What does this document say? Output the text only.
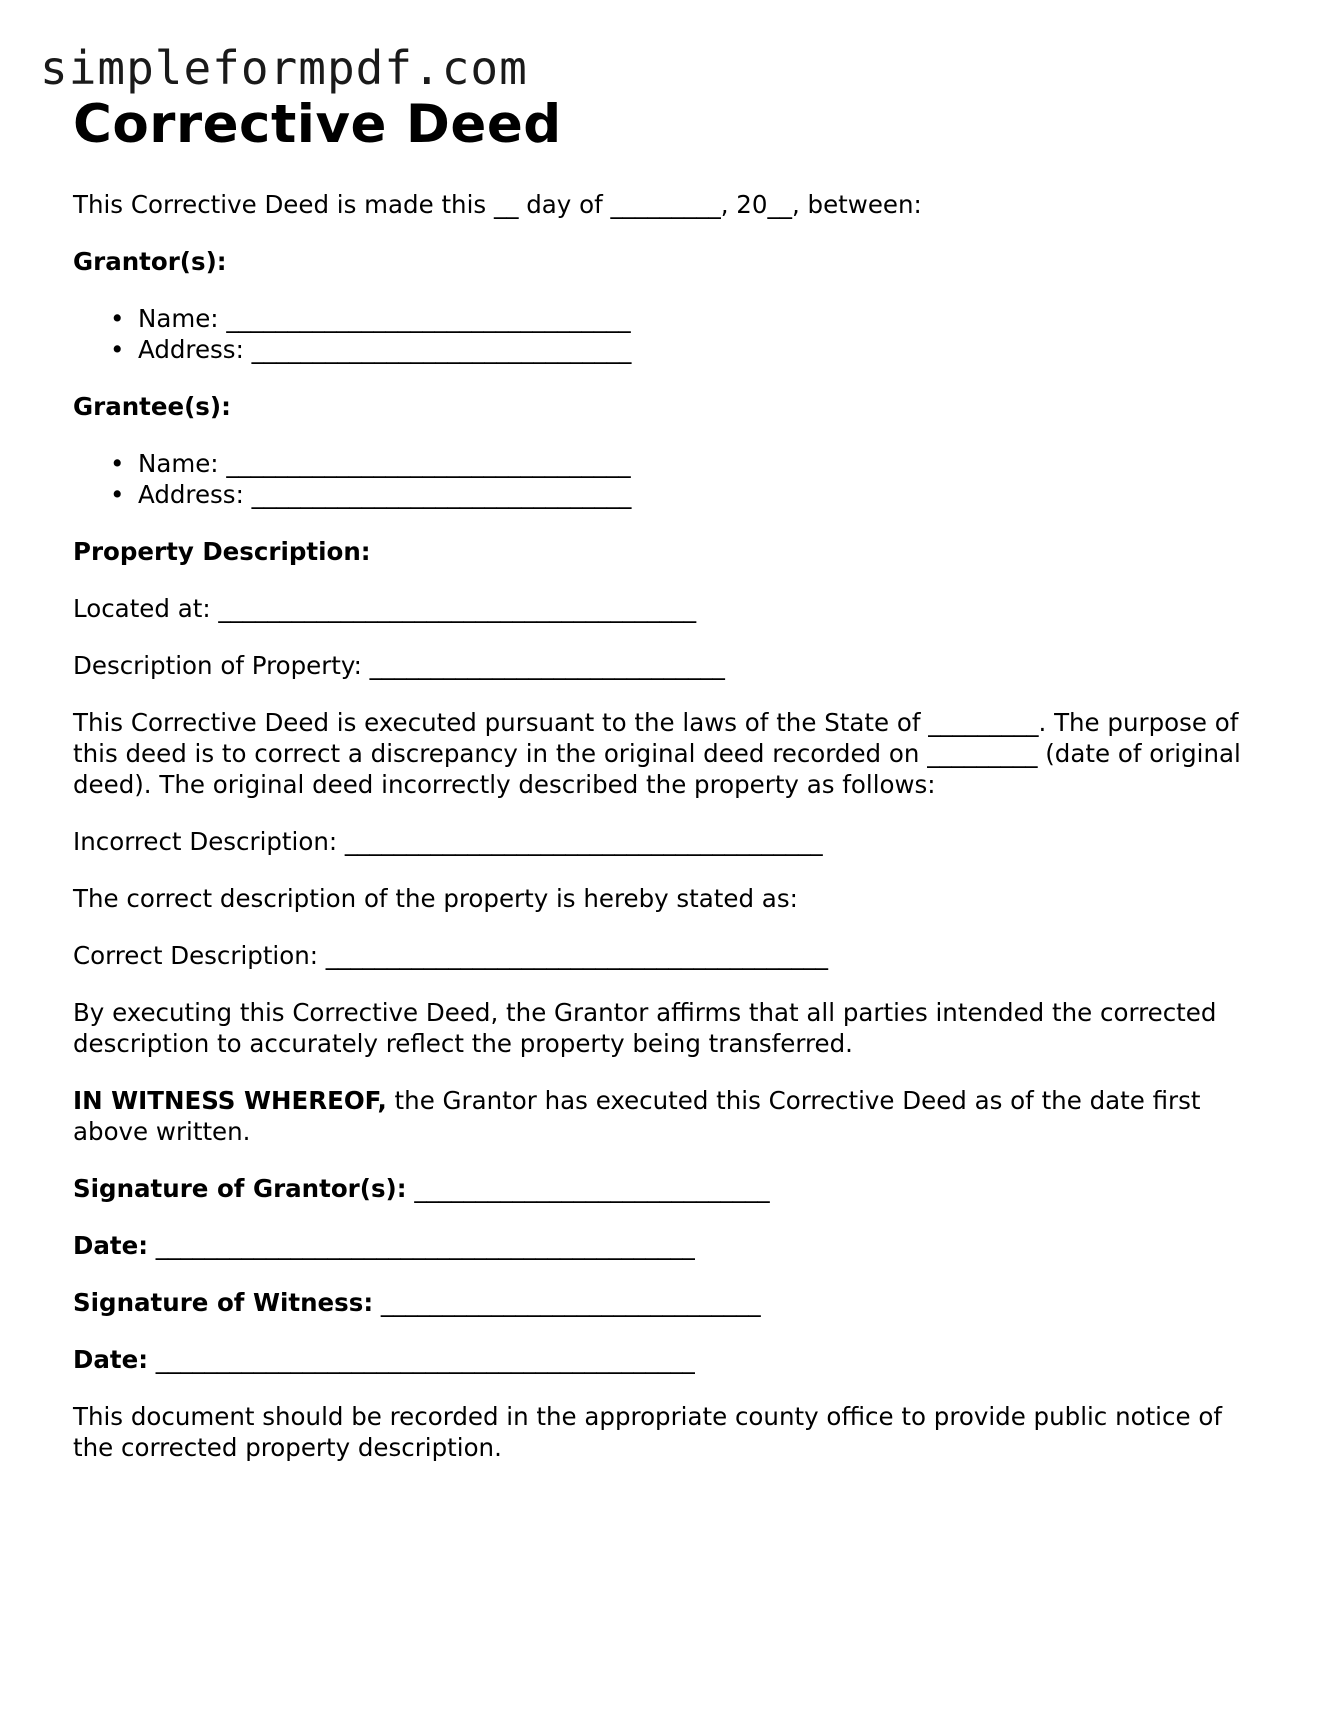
simpleformpdf.com
Corrective Deed

This Corrective Deed is made this __ day of _________, 20__, between:

Grantor(s):

• Name: _________________________________
• Address: _______________________________

Grantee(s):

• Name: _________________________________
• Address: _______________________________

Property Description:

Located at: _______________________________________

Description of Property: _____________________________

This Corrective Deed is executed pursuant to the laws of the State of _________. The purpose of this deed is to correct a discrepancy in the original deed recorded on _________ (date of original deed). The original deed incorrectly described the property as follows:

Incorrect Description: _______________________________________

The correct description of the property is hereby stated as:

Correct Description: _________________________________________

By executing this Corrective Deed, the Grantor affirms that all parties intended the corrected description to accurately reflect the property being transferred.

IN WITNESS WHEREOF, the Grantor has executed this Corrective Deed as of the date first above written.

Signature of Grantor(s): _____________________________

Date: ____________________________________________

Signature of Witness: _______________________________

Date: ____________________________________________

This document should be recorded in the appropriate county office to provide public notice of the corrected property description.
